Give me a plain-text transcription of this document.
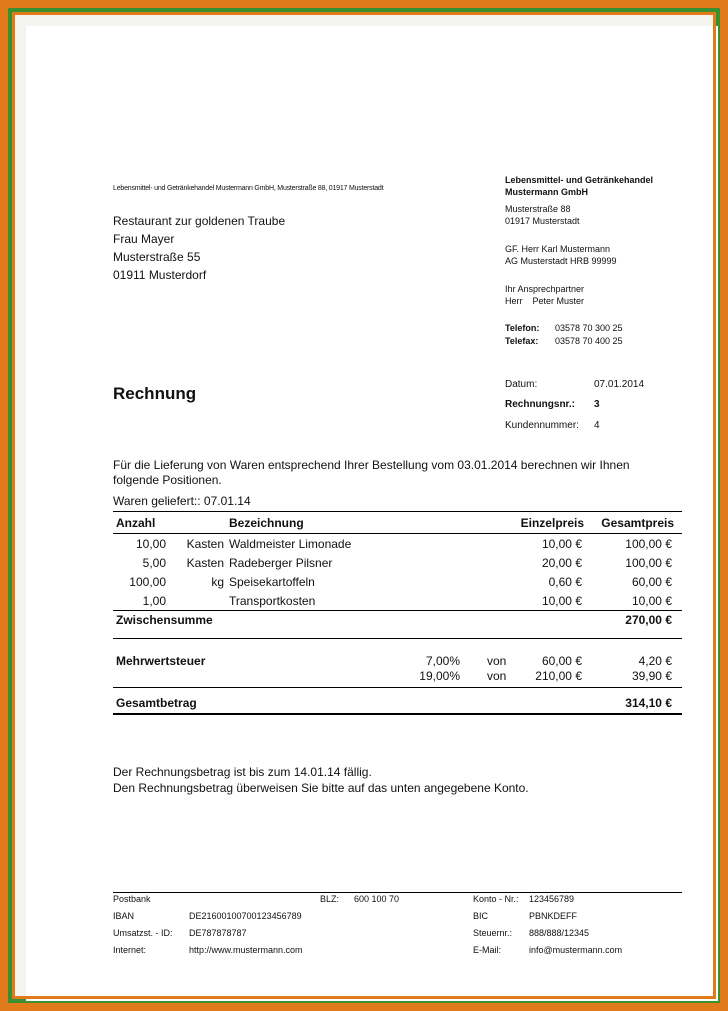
Lebensmittel- und Getränkehandel Mustermann GmbH, Musterstraße 88, 01917 Musterstadt
Restaurant zur goldenen Traube
Frau Mayer
Musterstraße 55
01911 Musterdorf
Lebensmittel- und Getränkehandel
Mustermann GmbH
Musterstraße 88
01917 Musterstadt
GF. Herr Karl Mustermann
AG Musterstadt HRB 99999
Ihr Ansprechpartner
Herr    Peter Muster
Telefon: 03578 70 300 25
Telefax: 03578 70 400 25
Rechnung	Datum:	07.01.2014
Rechnungsnr.: 3
Kundennummer: 4
Für die Lieferung von Waren entsprechend Ihrer Bestellung vom 03.01.2014 berechnen wir Ihnen
folgende Positionen.
Waren geliefert:: 07.01.14
Anzahl	Bezeichnung	Einzelpreis	Gesamtpreis
10,00	Kasten Waldmeister Limonade	10,00 €	100,00 €
5,00	Kasten Radeberger Pilsner	20,00 €	100,00 €
100,00	kg Speisekartoffeln	0,60 €	60,00 €
1,00	Transportkosten	10,00 €	10,00 €
Zwischensumme	270,00 €
Mehrwertsteuer	7,00% von	60,00 €	4,20 €
19,00% von	210,00 €	39,90 €
Gesamtbetrag	314,10 €
Der Rechnungsbetrag ist bis zum 14.01.14 fällig.
Den Rechnungsbetrag überweisen Sie bitte auf das unten angegebene Konto.
Postbank	BLZ: 600 100 70	Konto - Nr.: 123456789
IBAN	DE21600100700123456789	BIC	PBNKDEFF
Umsatzst. - ID: DE787878787	Steuernr.: 888/888/12345
Internet:	http://www.mustermann.com	E-Mail:	info@mustermann.com
